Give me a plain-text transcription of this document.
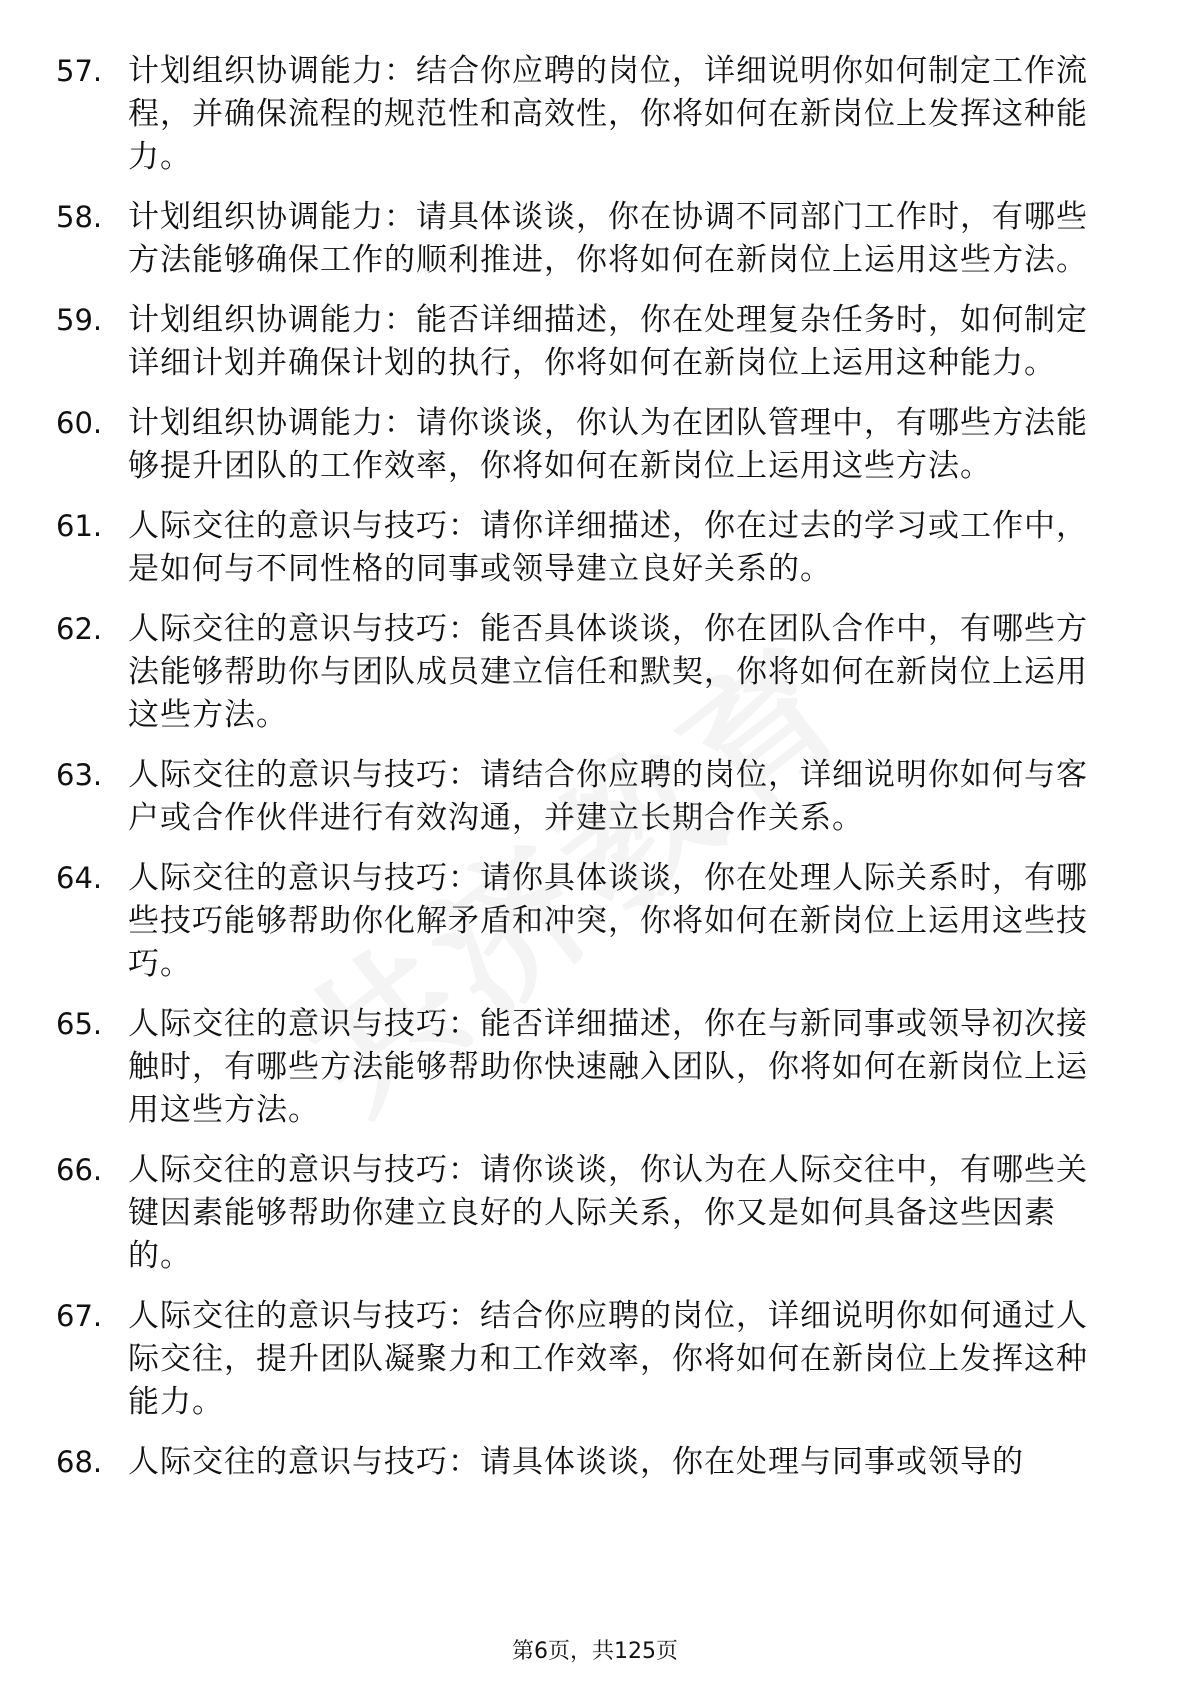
57. 计划组织协调能力：结合你应聘的岗位，详细说明你如何制定工作流程，并确保流程的规范性和高效性，你将如何在新岗位上发挥这种能力。
58. 计划组织协调能力：请具体谈谈，你在协调不同部门工作时，有哪些方法能够确保工作的顺利推进，你将如何在新岗位上运用这些方法。
59. 计划组织协调能力：能否详细描述，你在处理复杂任务时，如何制定详细计划并确保计划的执行，你将如何在新岗位上运用这种能力。
60. 计划组织协调能力：请你谈谈，你认为在团队管理中，有哪些方法能够提升团队的工作效率，你将如何在新岗位上运用这些方法。
61. 人际交往的意识与技巧：请你详细描述，你在过去的学习或工作中，是如何与不同性格的同事或领导建立良好关系的。
62. 人际交往的意识与技巧：能否具体谈谈，你在团队合作中，有哪些方法能够帮助你与团队成员建立信任和默契，你将如何在新岗位上运用这些方法。
63. 人际交往的意识与技巧：请结合你应聘的岗位，详细说明你如何与客户或合作伙伴进行有效沟通，并建立长期合作关系。
64. 人际交往的意识与技巧：请你具体谈谈，你在处理人际关系时，有哪些技巧能够帮助你化解矛盾和冲突，你将如何在新岗位上运用这些技巧。
65. 人际交往的意识与技巧：能否详细描述，你在与新同事或领导初次接触时，有哪些方法能够帮助你快速融入团队，你将如何在新岗位上运用这些方法。
66. 人际交往的意识与技巧：请你谈谈，你认为在人际交往中，有哪些关键因素能够帮助你建立良好的人际关系，你又是如何具备这些因素的。
67. 人际交往的意识与技巧：结合你应聘的岗位，详细说明你如何通过人际交往，提升团队凝聚力和工作效率，你将如何在新岗位上发挥这种能力。
68. 人际交往的意识与技巧：请具体谈谈，你在处理与同事或领导的
第6页，共125页
